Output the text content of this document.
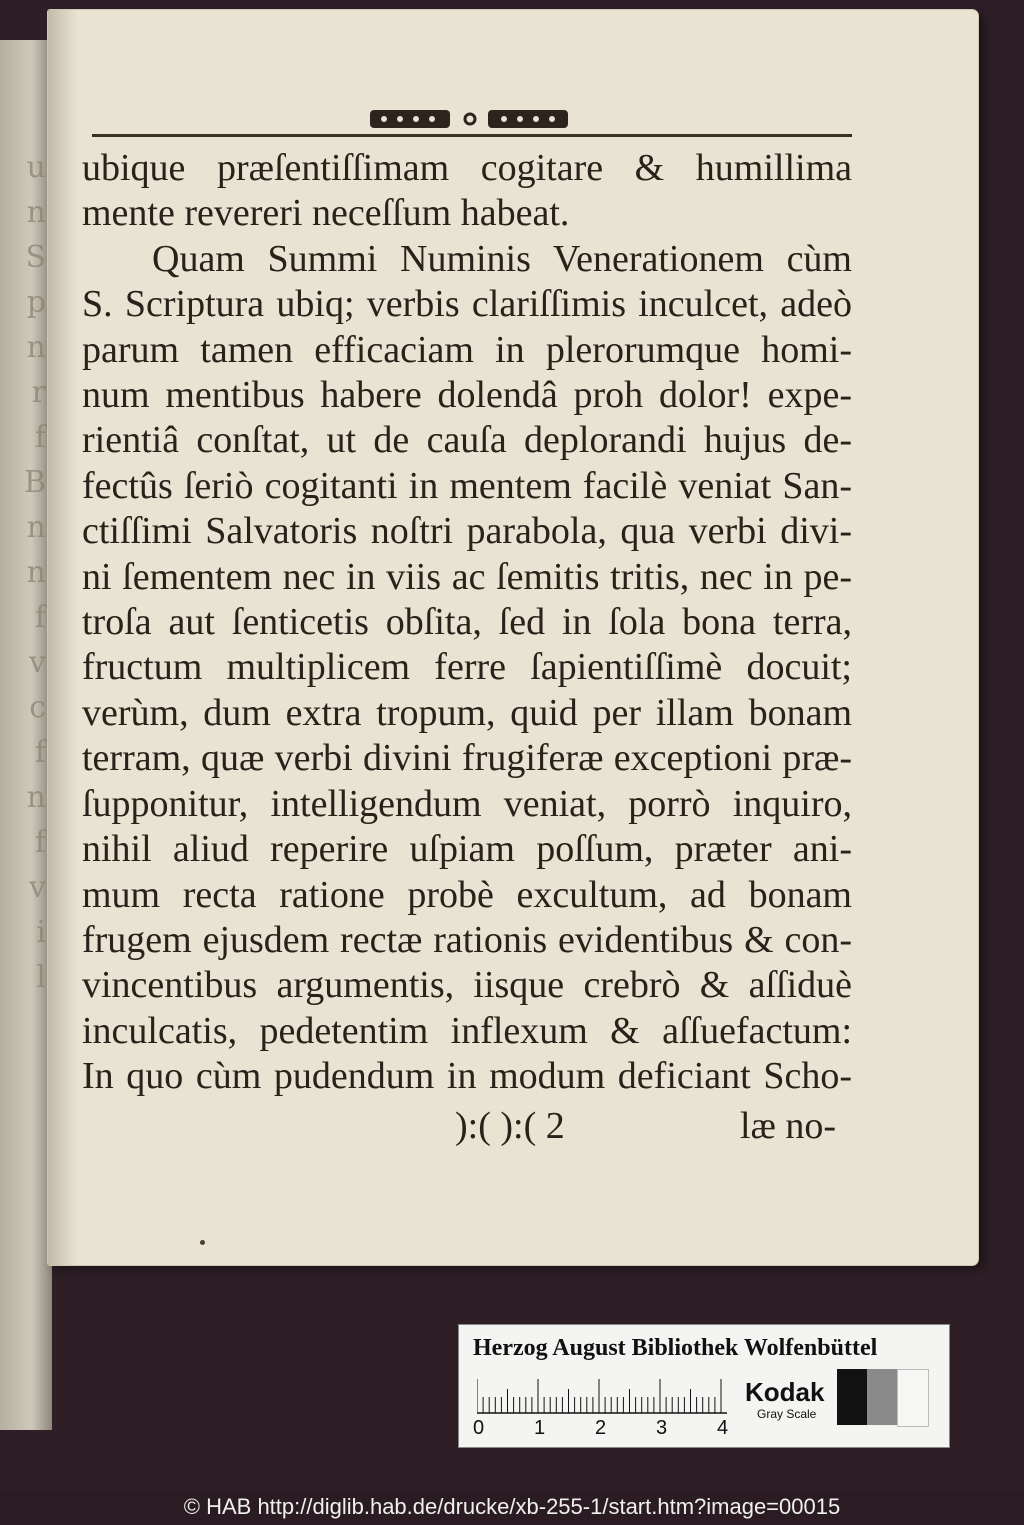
u
n
S
p
n
r
f
B
n
n
f
v
c
f
n
f
v
i
l
ubique præſentiſſimam cogitare & humillima
mente revereri neceſſum habeat.
Quam Summi Numinis Venerationem cùm
S. Scriptura ubiq; verbis clariſſimis inculcet, adeò
parum tamen efficaciam in plerorumque homi-
num mentibus habere dolendâ proh dolor! expe-
rientiâ conſtat, ut de cauſa deplorandi hujus de-
fectûs ſeriò cogitanti in mentem facilè veniat San-
ctiſſimi Salvatoris noſtri parabola, qua verbi divi-
ni ſementem nec in viis ac ſemitis tritis, nec in pe-
troſa aut ſenticetis obſita, ſed in ſola bona terra,
fructum multiplicem ferre ſapientiſſimè docuit;
verùm, dum extra tropum, quid per illam bonam
terram, quæ verbi divini frugiferæ exceptioni præ-
ſupponitur, intelligendum veniat, porrò inquiro,
nihil aliud reperire uſpiam poſſum, præter ani-
mum recta ratione probè excultum, ad bonam
frugem ejusdem rectæ rationis evidentibus & con-
vincentibus argumentis, iisque crebrò & aſſiduè
inculcatis, pedetentim inflexum & aſſuefactum:
In quo cùm pudendum in modum deficiant Scho-
):( ):( 2	læ no-
Herzog August Bibliothek Wolfenbüttel
0 1 2 3 4
Kodak
Gray Scale
© HAB http://diglib.hab.de/drucke/xb-255-1/start.htm?image=00015
